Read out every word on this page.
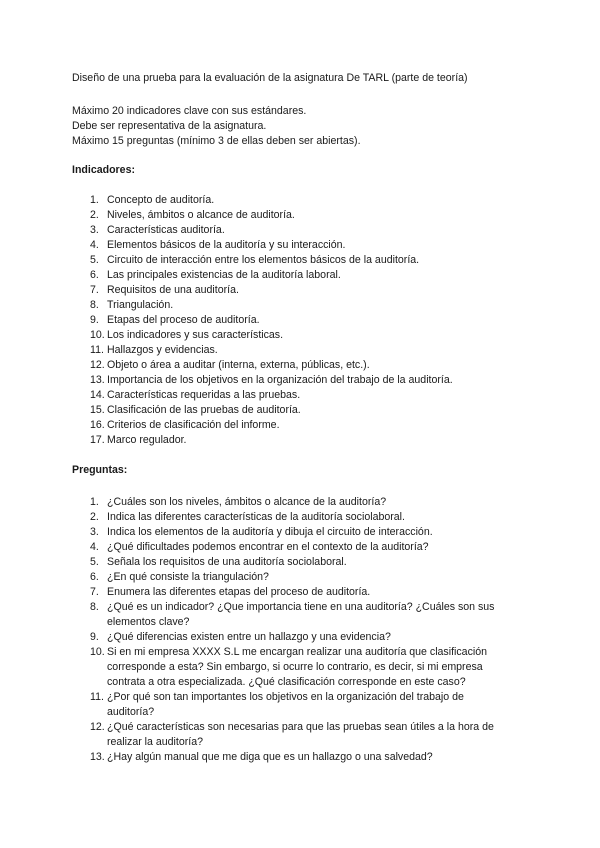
Diseño de una prueba para la evaluación de la asignatura De TARL (parte de teoría)
Máximo 20 indicadores clave con sus estándares.
Debe ser representativa de la asignatura.
Máximo 15 preguntas (mínimo 3 de ellas deben ser abiertas).
Indicadores:
1. Concepto de auditoría.
2. Niveles, ámbitos o alcance de auditoría.
3. Características auditoría.
4. Elementos básicos de la auditoría y su interacción.
5. Circuito de interacción entre los elementos básicos de la auditoría.
6. Las principales existencias de la auditoría laboral.
7. Requisitos de una auditoría.
8. Triangulación.
9. Etapas del proceso de auditoría.
10. Los indicadores y sus características.
11. Hallazgos y evidencias.
12. Objeto o área a auditar (interna, externa, públicas, etc.).
13. Importancia de los objetivos en la organización del trabajo de la auditoría.
14. Características requeridas a las pruebas.
15. Clasificación de las pruebas de auditoría.
16. Criterios de clasificación del informe.
17. Marco regulador.
Preguntas:
1. ¿Cuáles son los niveles, ámbitos o alcance de la auditoría?
2. Indica las diferentes características de la auditoría sociolaboral.
3. Indica los elementos de la auditoría y dibuja el circuito de interacción.
4. ¿Qué dificultades podemos encontrar en el contexto de la auditoría?
5. Señala los requisitos de una auditoría sociolaboral.
6. ¿En qué consiste la triangulación?
7. Enumera las diferentes etapas del proceso de auditoría.
8. ¿Qué es un indicador? ¿Que importancia tiene en una auditoría? ¿Cuáles son sus elementos clave?
9. ¿Qué diferencias existen entre un hallazgo y una evidencia?
10. Si en mi empresa XXXX S.L me encargan realizar una auditoría que clasificación corresponde a esta? Sin embargo, si ocurre lo contrario, es decir, si mi empresa contrata a otra especializada. ¿Qué clasificación corresponde en este caso?
11. ¿Por qué son tan importantes los objetivos en la organización del trabajo de auditoría?
12. ¿Qué características son necesarias para que las pruebas sean útiles a la hora de realizar la auditoría?
13. ¿Hay algún manual que me diga que es un hallazgo o una salvedad?
